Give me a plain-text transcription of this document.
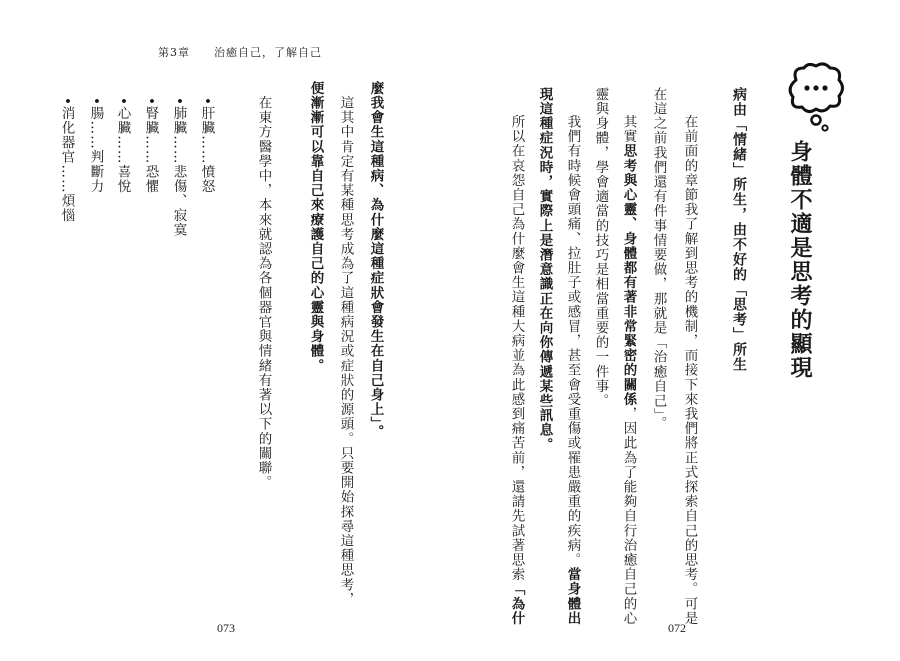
第3章　　治癒自己，了解自己
麼我會生這種病、為什麼這種症狀會發生在自己身上」。
　這其中肯定有某種思考成為了這種病況或症狀的源頭。只要開始探尋這種思考，
便漸漸可以靠自己來療護自己的心靈與身體。
　在東方醫學中，本來就認為各個器官與情緒有著以下的關聯。
•肝臟……憤怒
•肺臟……悲傷、寂寞
•腎臟……恐懼
•心臟……喜悅
•腸……判斷力
•消化器官……煩惱
073
身體不適是思考的顯現
病由「情緒」所生，由不好的「思考」所生
　在前面的章節我了解到思考的機制，而接下來我們將正式探索自己的思考。可是
在這之前我們還有件事情要做，那就是「治癒自己」。
　其實思考與心靈、身體都有著非常緊密的關係，因此為了能夠自行治癒自己的心
靈與身體，學會適當的技巧是相當重要的一件事。
　我們有時候會頭痛、拉肚子或感冒，甚至會受重傷或罹患嚴重的疾病。當身體出
現這種症況時，實際上是潛意識正在向你傳遞某些訊息。
　所以在哀怨自己為什麼會生這種大病並為此感到痛苦前，還請先試著思索「為什
072
